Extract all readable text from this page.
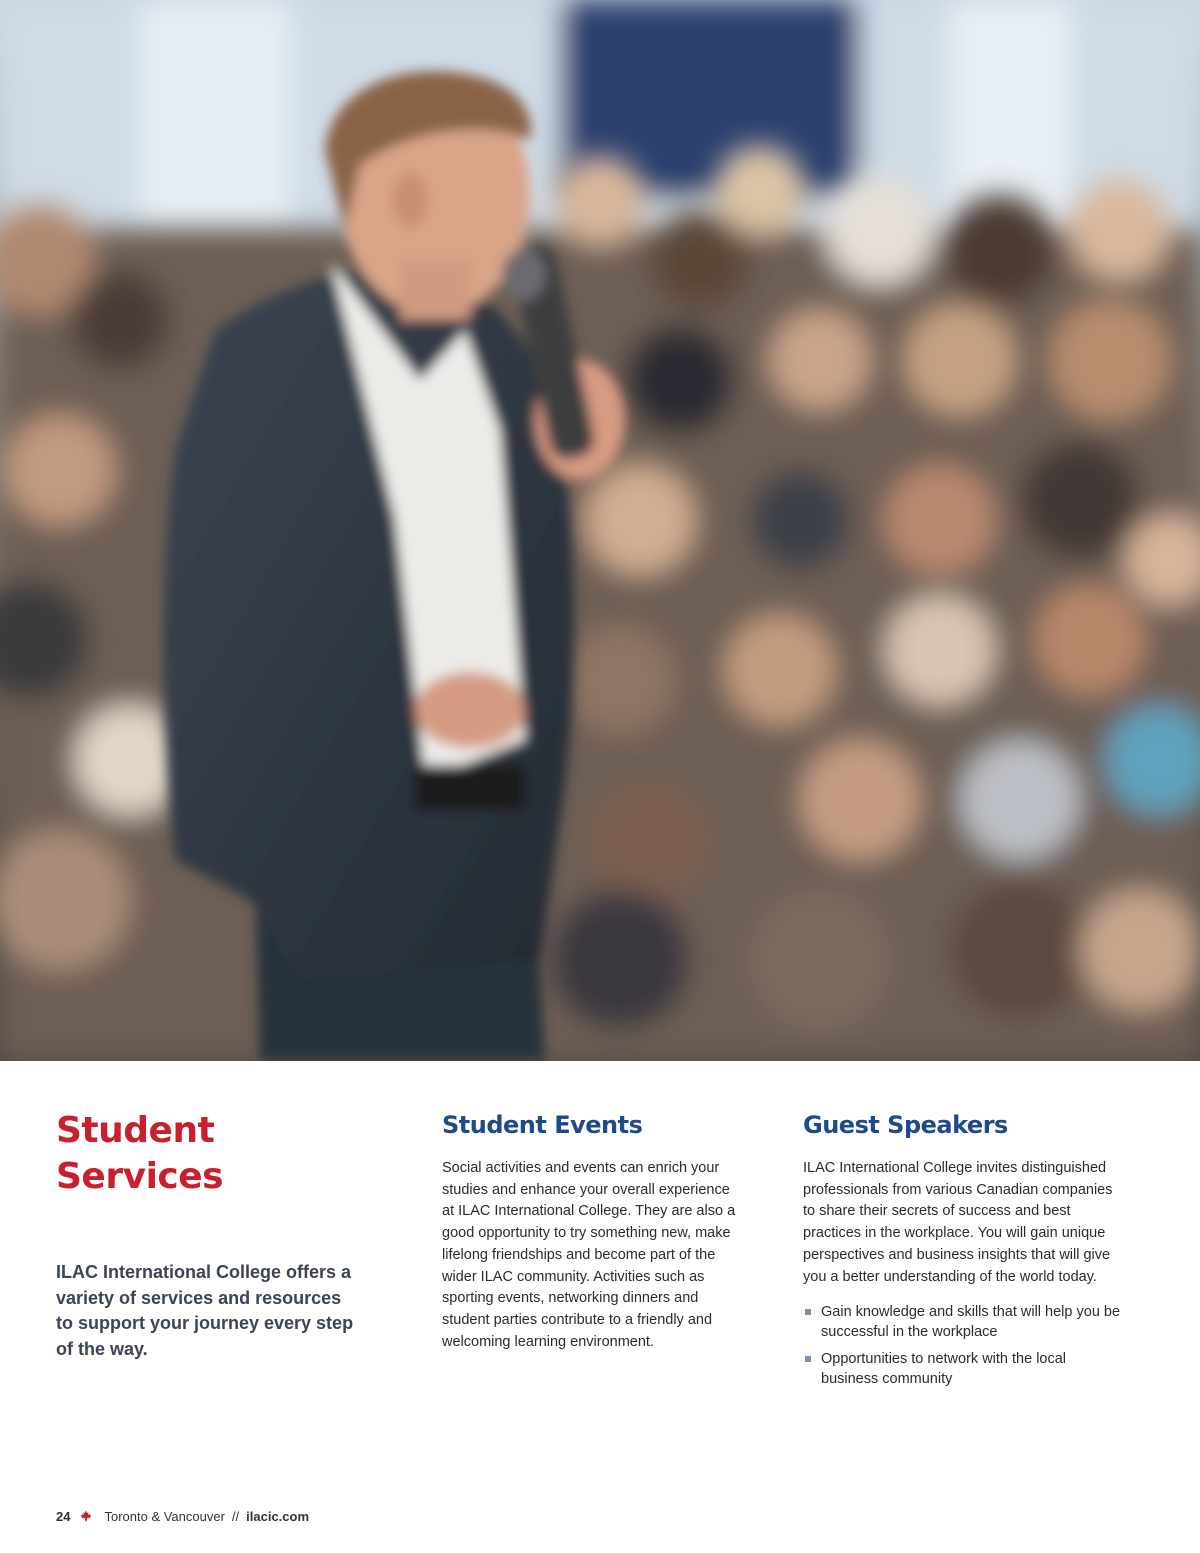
Student
Services

ILAC International College offers a variety of services and resources to support your journey every step of the way.

Student Events

Social activities and events can enrich your studies and enhance your overall experience at ILAC International College. They are also a good opportunity to try something new, make lifelong friendships and become part of the wider ILAC community. Activities such as sporting events, networking dinners and student parties contribute to a friendly and welcoming learning environment.

Guest Speakers

ILAC International College invites distinguished professionals from various Canadian companies to share their secrets of success and best practices in the workplace. You will gain unique perspectives and business insights that will give you a better understanding of the world today.

Gain knowledge and skills that will help you be successful in the workplace
Opportunities to network with the local business community
24	Toronto & Vancouver // ilacic.com
